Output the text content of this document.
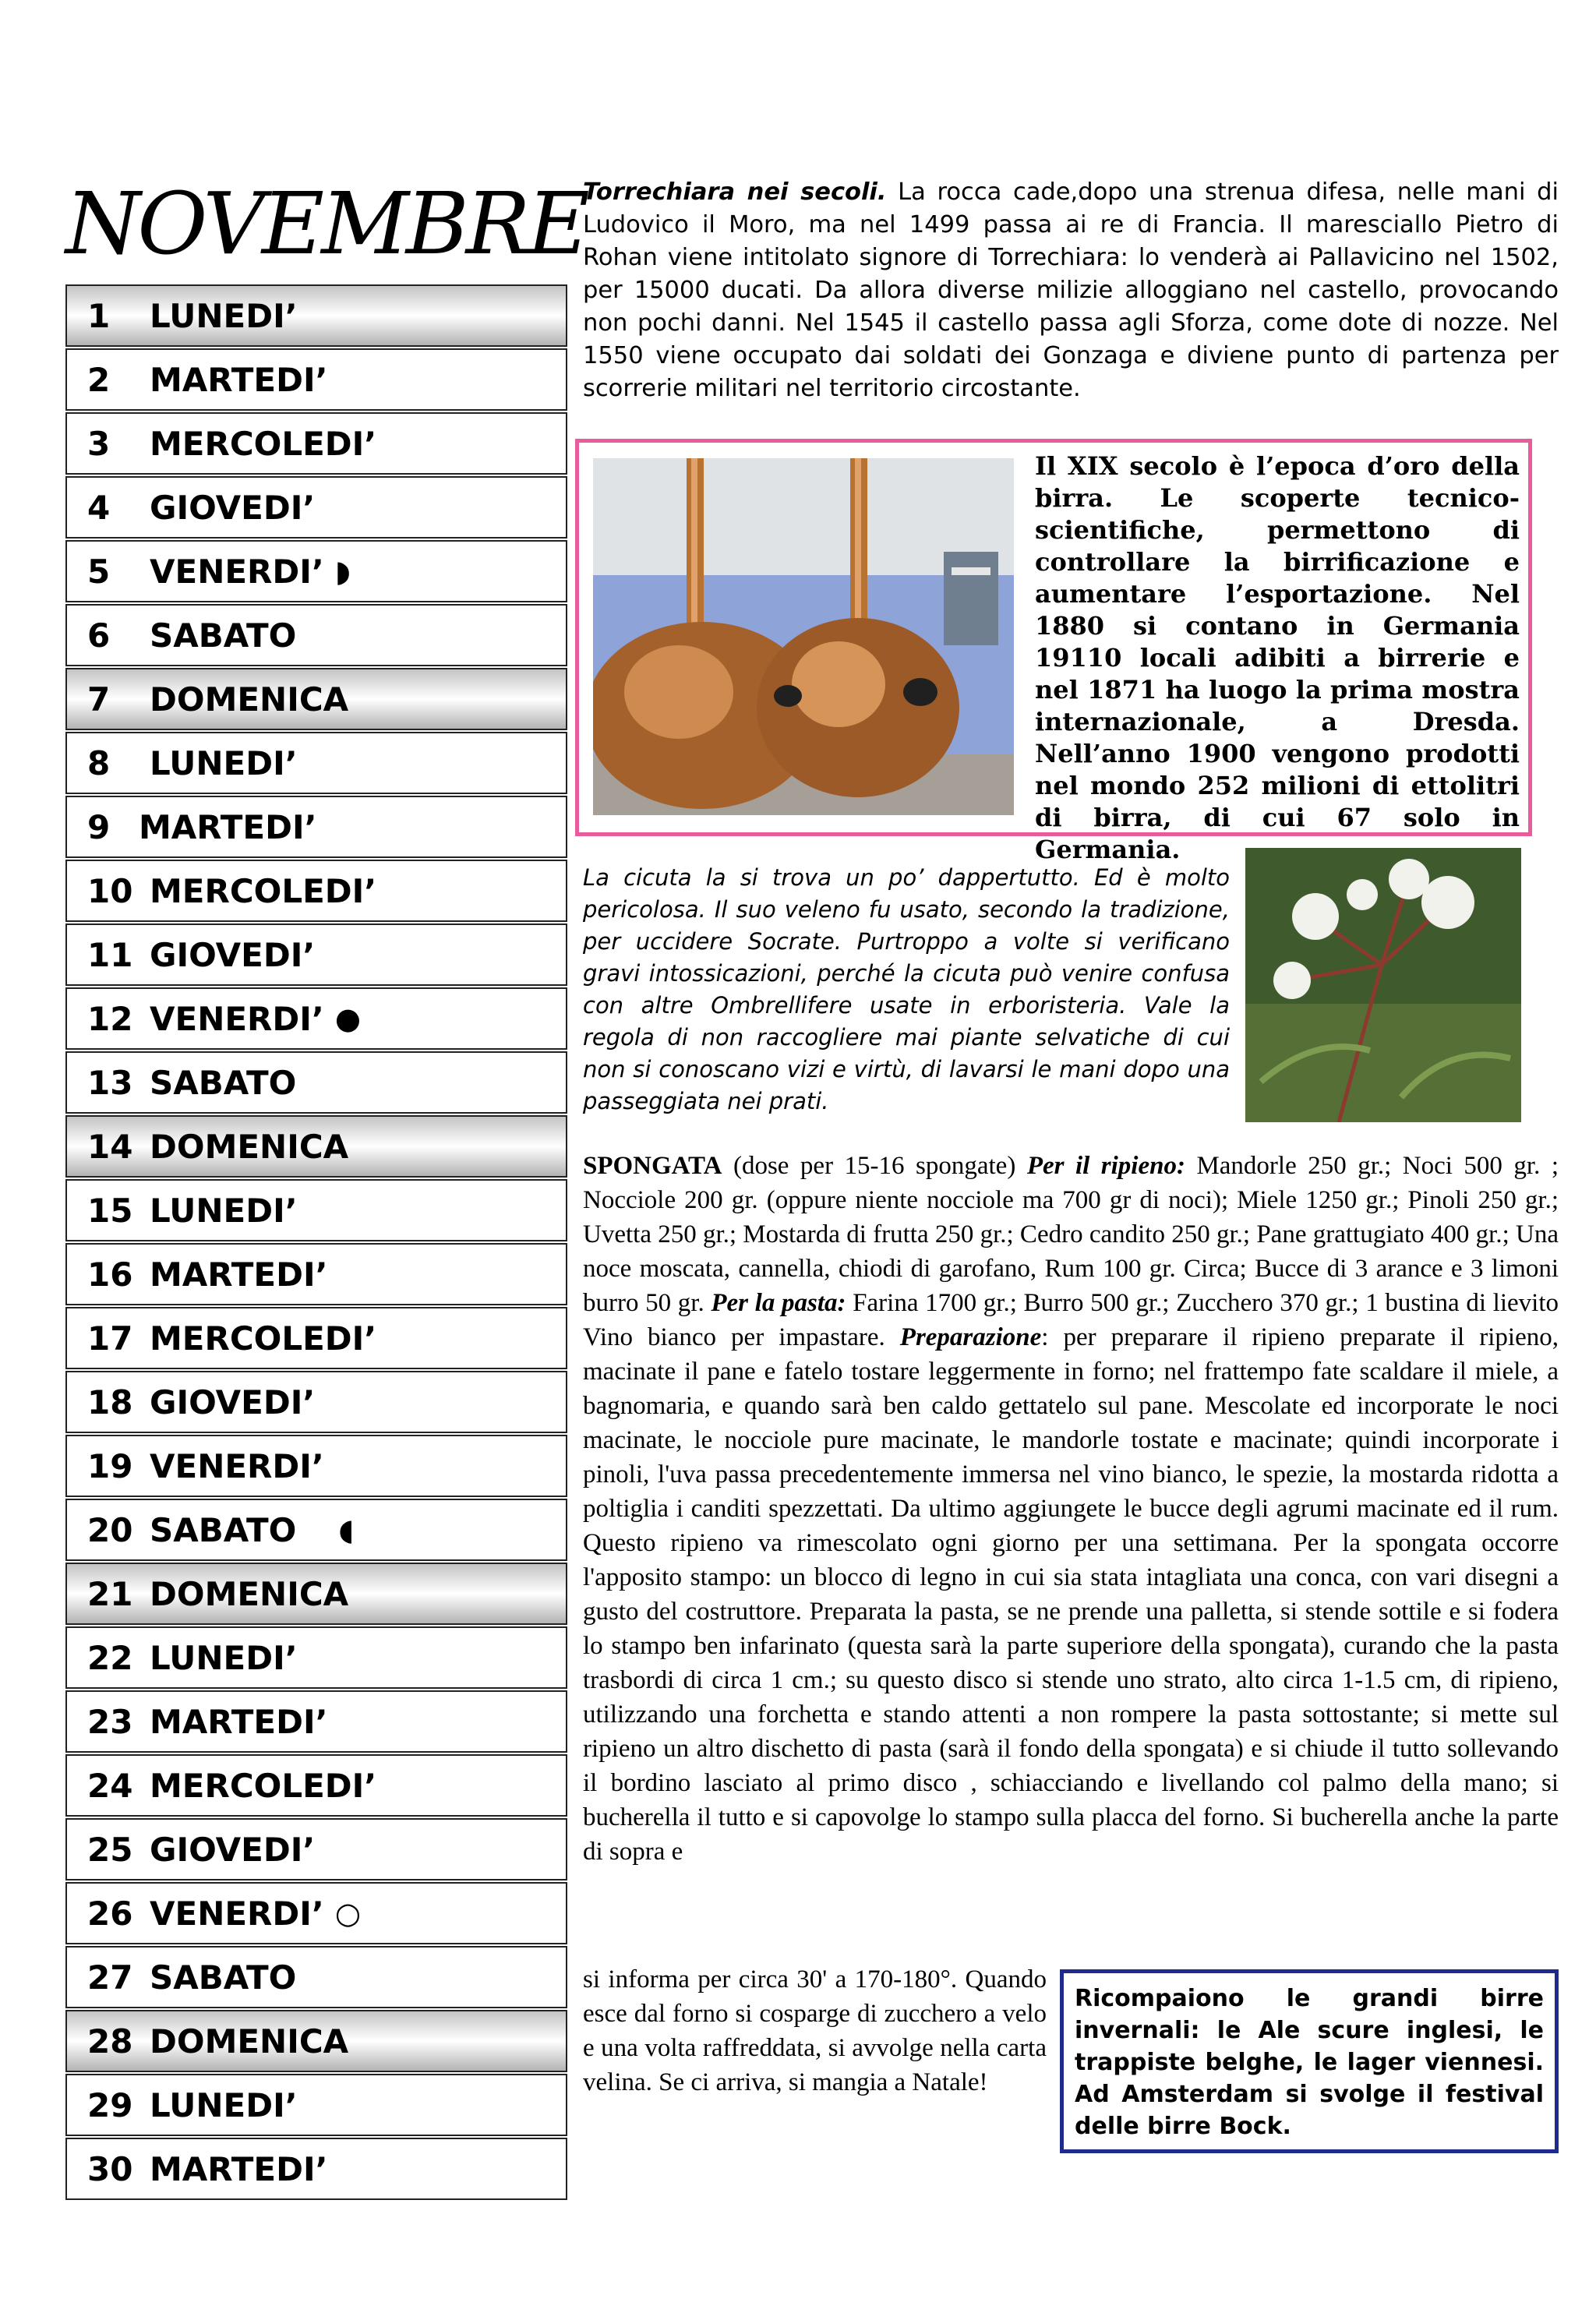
NOVEMBRE
1	LUNEDI’
2	MARTEDI’
3	MERCOLEDI’
4	GIOVEDI’
5	VENERDI’ ◗
6	SABATO
7	DOMENICA
8	LUNEDI’
9 MARTEDI’
10 MERCOLEDI’
11 GIOVEDI’
12 VENERDI’ ●
13 SABATO
14 DOMENICA
15 LUNEDI’
16 MARTEDI’
17 MERCOLEDI’
18 GIOVEDI’
19 VENERDI’
20 SABATO ◖
21 DOMENICA
22 LUNEDI’
23 MARTEDI’
24 MERCOLEDI’
25 GIOVEDI’
26 VENERDI’ ○
27 SABATO
28 DOMENICA
29 LUNEDI’
30 MARTEDI’
Torrechiara nei secoli. La rocca cade,dopo una strenua difesa, nelle mani di Ludovico il Moro, ma nel 1499 passa ai re di Francia. Il maresciallo Pietro di Rohan viene intitolato signore di Torrechiara: lo venderà ai Pallavicino nel 1502, per 15000 ducati. Da allora diverse milizie alloggiano nel castello, provocando non pochi danni. Nel 1545 il castello passa agli Sforza, come dote di nozze. Nel 1550 viene occupato dai soldati dei Gonzaga e diviene punto di partenza per scorrerie militari nel territorio circostante.
Il XIX secolo è l’epoca d’oro della birra. Le scoperte tecnico-scientifiche, permettono di controllare la birrificazione e aumentare l’esportazione. Nel 1880 si contano in Germania 19110 locali adibiti a birrerie e nel 1871 ha luogo la prima mostra internazionale, a Dresda. Nell’anno 1900 vengono prodotti nel mondo 252 milioni di ettolitri di birra, di cui 67 solo in Germania.
La cicuta la si trova un po’ dappertutto. Ed è molto pericolosa. Il suo veleno fu usato, secondo la tradizione, per uccidere Socrate. Purtroppo a volte si verificano gravi intossicazioni, perché la cicuta può venire confusa con altre Ombrellifere usate in erboristeria. Vale la regola di non raccogliere mai piante selvatiche di cui non si conoscano vizi e virtù, di lavarsi le mani dopo una passeggiata nei prati.
SPONGATA (dose per 15-16 spongate) Per il ripieno: Mandorle 250 gr.; Noci 500 gr. ; Nocciole 200 gr. (oppure niente nocciole ma 700 gr di noci); Miele 1250 gr.; Pinoli 250 gr.; Uvetta 250 gr.; Mostarda di frutta 250 gr.; Cedro candito 250 gr.; Pane grattugiato 400 gr.; Una noce moscata, cannella, chiodi di garofano, Rum 100 gr. Circa; Bucce di 3 arance e 3 limoni burro 50 gr. Per la pasta: Farina 1700 gr.; Burro 500 gr.; Zucchero 370 gr.; 1 bustina di lievito Vino bianco per impastare. Preparazione: per preparare il ripieno preparate il ripieno, macinate il pane e fatelo tostare leggermente in forno; nel frattempo fate scaldare il miele, a bagnomaria, e quando sarà ben caldo gettatelo sul pane. Mescolate ed incorporate le noci macinate, le nocciole pure macinate, le mandorle tostate e macinate; quindi incorporate i pinoli, l'uva passa precedentemente immersa nel vino bianco, le spezie, la mostarda ridotta a poltiglia i canditi spezzettati. Da ultimo aggiungete le bucce degli agrumi macinate ed il rum. Questo ripieno va rimescolato ogni giorno per una settimana. Per la spongata occorre l'apposito stampo: un blocco di legno in cui sia stata intagliata una conca, con vari disegni a gusto del costruttore. Preparata la pasta, se ne prende una palletta, si stende sottile e si fodera lo stampo ben infarinato (questa sarà la parte superiore della spongata), curando che la pasta trasbordi di circa 1 cm.; su questo disco si stende uno strato, alto circa 1-1.5 cm, di ripieno, utilizzando una forchetta e stando attenti a non rompere la pasta sottostante; si mette sul ripieno un altro dischetto di pasta (sarà il fondo della spongata) e si chiude il tutto sollevando il bordino lasciato al primo disco , schiacciando e livellando col palmo della mano; si bucherella il tutto e si capovolge lo stampo sulla placca del forno. Si bucherella anche la parte di sopra e
si informa per circa 30' a 170-180°. Quando esce dal forno si cosparge di zucchero a velo e una volta raffreddata, si avvolge nella carta velina. Se ci arriva, si mangia a Natale!
Ricompaiono le grandi birre invernali: le Ale scure inglesi, le trappiste belghe, le lager viennesi. Ad Amsterdam si svolge il festival delle birre Bock.
